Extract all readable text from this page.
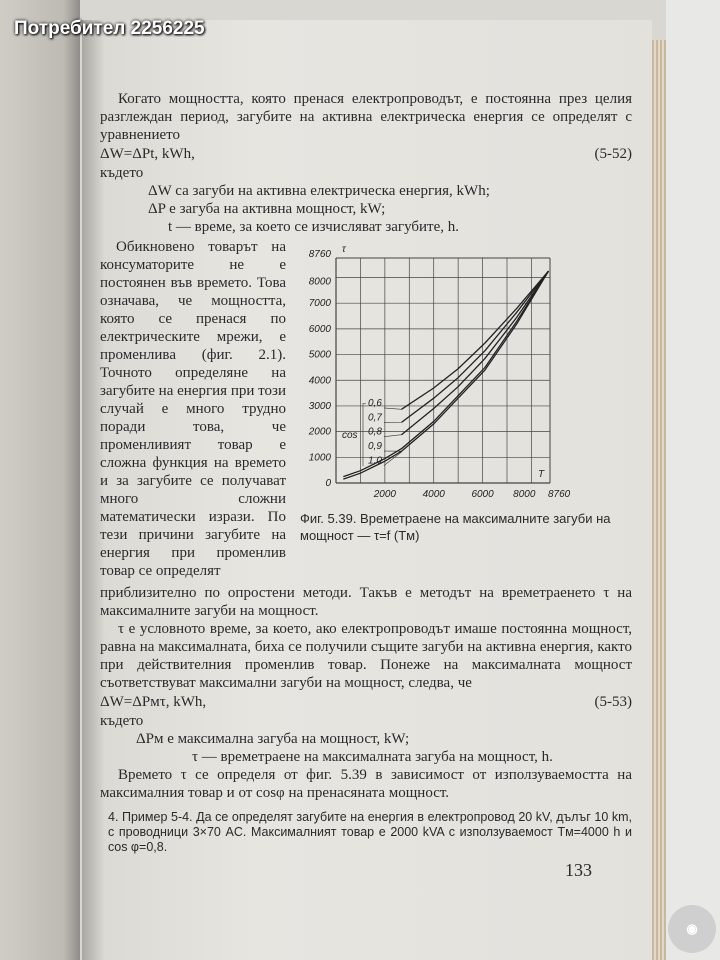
Потребител 2256225

Когато мощността, която пренася електропроводът, е постоянна през целия разглеждан период, загубите на активна електрическа енергия се определят с уравнението

ΔW=ΔPt, kWh,	(5-52)
където
ΔW са загуби на активна електрическа енергия, kWh;
ΔP е загуба на активна мощност, kW;
t — време, за което се изчисляват загубите, h.
Обикновено товарът на консуматорите не е постоянен във времето. Това означава, че мощността, която се пренася по електрическите мрежи, е променлива (фиг. 2.1). Точното определяне на загубите на енергия при този случай е много трудно поради това, че променливият товар е сложна функция на времето и за загубите се получават много сложни математически изрази. По тези причини загубите на енергия при променлив товар се определят
0
1000
2000
3000
4000
5000
6000
7000
8000
8760
2000	4000	6000 8000 8760
τ
T
0,6
0,7
0,8
0,9
1,0
cos
Фиг. 5.39. Времетраене на максималните загуби на мощност — τ=f (Tм)

приблизително по опростени методи. Такъв е методът на времетраенето τ на максималните загуби на мощност.

τ е условното време, за което, ако електропроводът имаше постоянна мощност, равна на максималната, биха се получили същите загуби на активна енергия, както при действителния променлив товар. Понеже на максималната мощност съответствуват максимални загуби на мощност, следва, че

ΔW=ΔPмτ, kWh,	(5-53)
където
ΔPм е максимална загуба на мощност, kW;
τ — времетраене на максималната загуба на мощност, h.

Времето τ се определя от фиг. 5.39 в зависимост от използуваемостта на максималния товар и от cosφ на пренасяната мощност.

4. Пример 5-4. Да се определят загубите на енергия в електропровод 20 kV, дълъг 10 km, с проводници 3×70 AC. Максималният товар е 2000 kVA с използуваемост Tм=4000 h и cos φ=0,8.
133
◉
